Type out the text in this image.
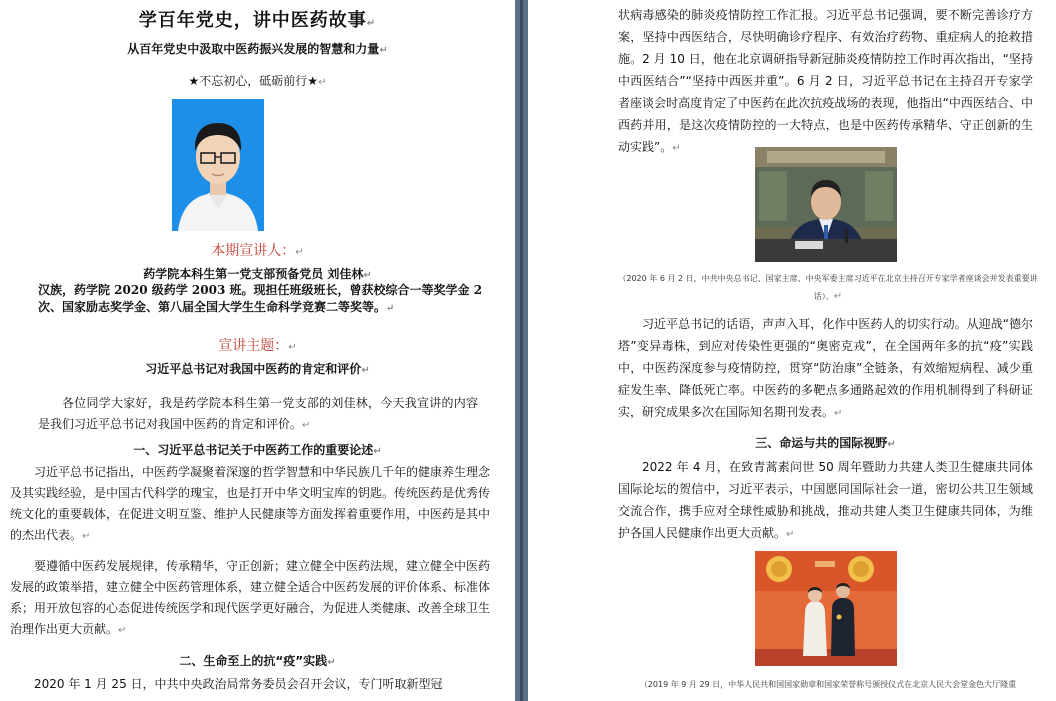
学百年党史，讲中医药故事↵
从百年党史中汲取中医药振兴发展的智慧和力量↵
★不忘初心，砥砺前行★↵
本期宣讲人：↵
药学院本科生第一党支部预备党员 刘佳林↵
汉族，药学院 2020 级药学 2003 班。现担任班级班长，曾获校综合一等奖学金 2 次、国家励志奖学金、第八届全国大学生生命科学竞赛二等奖等。↵
宣讲主题：↵
习近平总书记对我国中医药的肯定和评价↵
各位同学大家好，我是药学院本科生第一党支部的刘佳林，今天我宣讲的内容是我们习近平总书记对我国中医药的肯定和评价。↵
一、习近平总书记关于中医药工作的重要论述↵
习近平总书记指出，中医药学凝聚着深邃的哲学智慧和中华民族几千年的健康养生理念及其实践经验，是中国古代科学的瑰宝，也是打开中华文明宝库的钥匙。传统医药是优秀传统文化的重要载体，在促进文明互鉴、维护人民健康等方面发挥着重要作用，中医药是其中的杰出代表。↵
要遵循中医药发展规律，传承精华，守正创新；建立健全中医药法规，建立健全中医药发展的政策举措，建立健全中医药管理体系，建立健全适合中医药发展的评价体系、标准体系；用开放包容的心态促进传统医学和现代医学更好融合，为促进人类健康、改善全球卫生治理作出更大贡献。↵
二、生命至上的抗“疫”实践↵
2020 年 1 月 25 日，中共中央政治局常务委员会召开会议，专门听取新型冠
状病毒感染的肺炎疫情防控工作汇报。习近平总书记强调，要不断完善诊疗方案，坚持中西医结合，尽快明确诊疗程序、有效治疗药物、重症病人的抢救措施。2 月 10 日，他在北京调研指导新冠肺炎疫情防控工作时再次指出，“坚持中西医结合”“坚持中西医并重”。6 月 2 日，习近平总书记在主持召开专家学者座谈会时高度肯定了中医药在此次抗疫战场的表现，他指出“中西医结合、中西药并用，是这次疫情防控的一大特点，也是中医药传承精华、守正创新的生动实践”。↵
（2020 年 6 月 2 日，中共中央总书记、国家主席、中央军委主席习近平在北京主持召开专家学者座谈会并发表重要讲话）。↵
习近平总书记的话语，声声入耳，化作中医药人的切实行动。从迎战“德尔塔”变异毒株，到应对传染性更强的“奥密克戎”，在全国两年多的抗“疫”实践中，中医药深度参与疫情防控，贯穿“防治康”全链条，有效缩短病程、减少重症发生率、降低死亡率。中医药的多靶点多通路起效的作用机制得到了科研证实，研究成果多次在国际知名期刊发表。↵
三、命运与共的国际视野↵
2022 年 4 月，在致青蒿素问世 50 周年暨助力共建人类卫生健康共同体国际论坛的贺信中，习近平表示，中国愿同国际社会一道，密切公共卫生领域交流合作，携手应对全球性威胁和挑战，推动共建人类卫生健康共同体，为维护各国人民健康作出更大贡献。↵
（2019 年 9 月 29 日，中华人民共和国国家勋章和国家荣誉称号颁授仪式在北京人民大会堂金色大厅隆重
